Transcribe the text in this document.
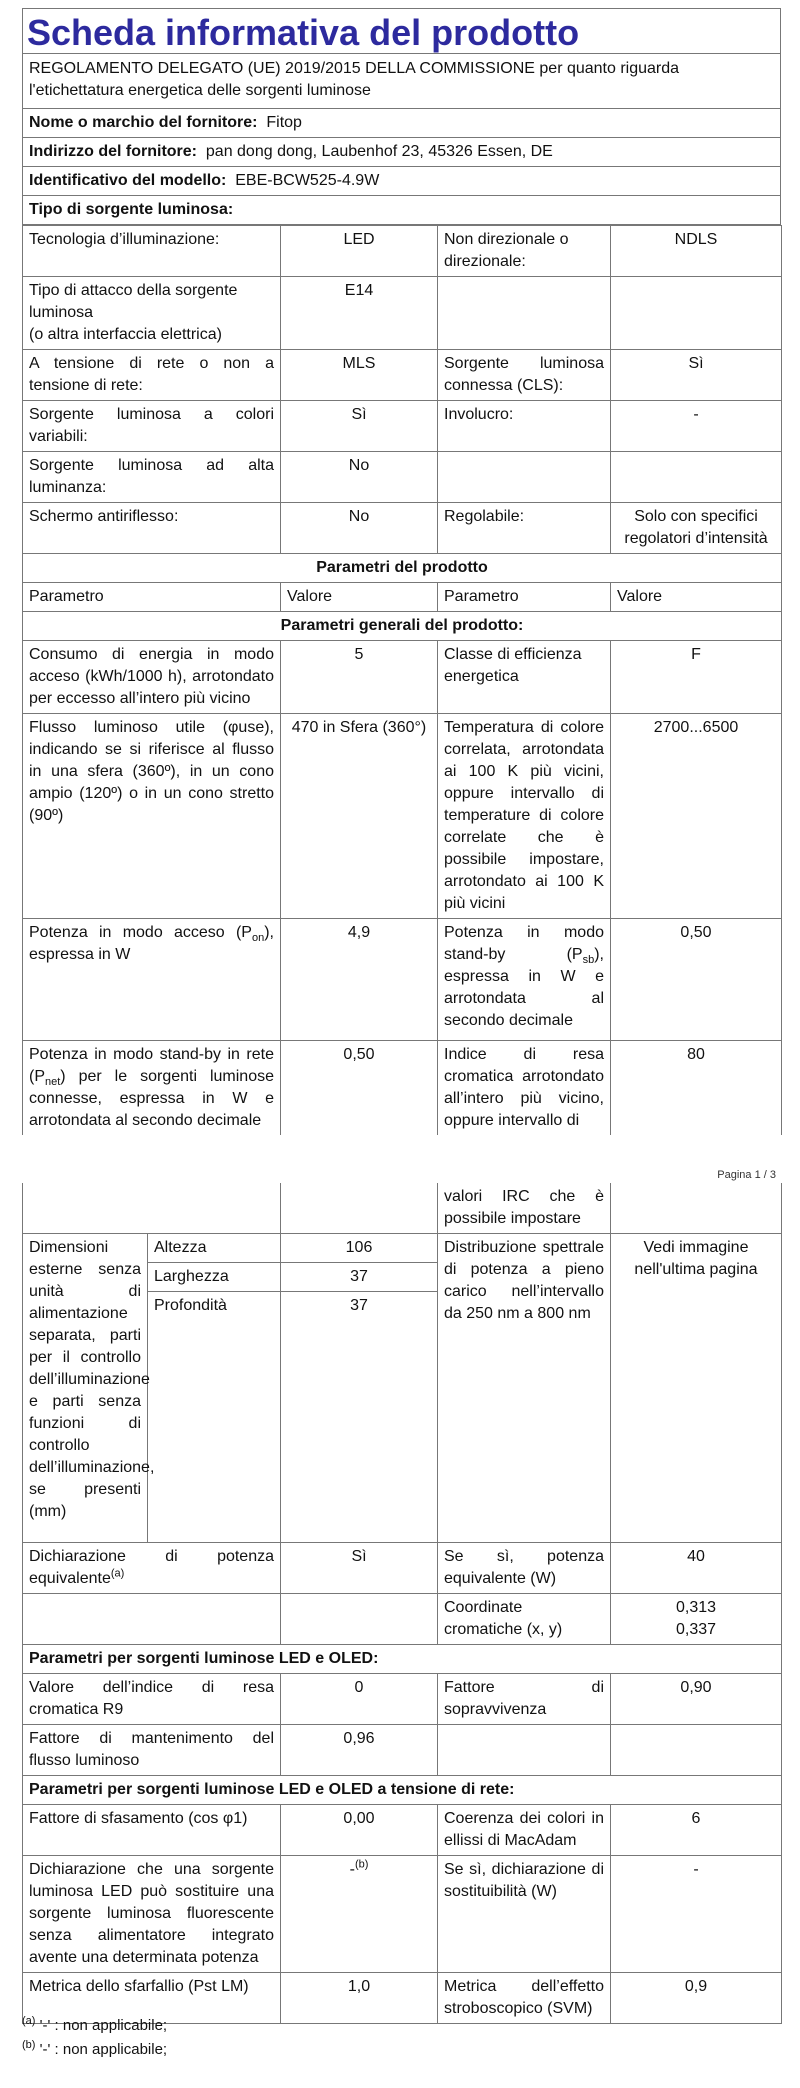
Scheda informativa del prodotto
REGOLAMENTO DELEGATO (UE) 2019/2015 DELLA COMMISSIONE per quanto riguarda l'etichettatura energetica delle sorgenti luminose
Nome o marchio del fornitore: Fitop
Indirizzo del fornitore: pan dong dong, Laubenhof 23, 45326 Essen, DE
Identificativo del modello: EBE-BCW525-4.9W
Tipo di sorgente luminosa:
Tecnologia d’illuminazione:	LED	Non direzionale o direzionale:	NDLS

Tipo di attacco della sorgente luminosa
(o altra interfaccia elettrica)	E14		
A tensione di rete o non a tensione di rete:	MLS	Sorgente luminosa connessa (CLS):	Sì
Sorgente luminosa a colori variabili:	Sì	Involucro:	-
Sorgente luminosa ad alta luminanza:	No		
Schermo antiriflesso:	No	Regolabile:	Solo con specifici regolatori d’intensità
Parametri del prodotto			
Parametro	Valore	Parametro	Valore
Parametri generali del prodotto:			
Consumo di energia in modo acceso (kWh/1000 h), arrotondato per eccesso all’intero più vicino	5	Classe di efficienza energetica	F
Flusso luminoso utile (φuse), indicando se si riferisce al flusso in una sfera (360º), in un cono ampio (120º) o in un cono stretto (90º)	470 in Sfera (360°)	Temperatura di colore correlata, arrotondata ai 100 K più vicini, oppure intervallo di temperature di colore correlate che è possibile impostare, arrotondato ai 100 K più vicini	2700...6500
Potenza in modo acceso $(P_{on})$, espressa in W	4,9	Potenza in modo stand-by $(P_{sb})$, espressa in W e arrotondata al secondo decimale	0,50
Potenza in modo stand-by in rete $(P_{net})$ per le sorgenti luminose connesse, espressa in W e arrotondata al secondo decimale	0,50	Indice di resa cromatica arrotondato all’intero più vicino, oppure intervallo di	80
Pagina 1 / 3
			valori IRC che è possibile impostare	
Dimensioni esterne senza unità di alimentazione separata, parti per il controllo dell’illuminazione e parti senza funzioni di controllo dell’illuminazione, se presenti (mm)	Altezza	106	Distribuzione spettrale di potenza a pieno carico nell’intervallo da 250 nm a 800 nm	Vedi immagine nell'ultima pagina
	Larghezza	37		
	Profondità	37		

Dichiarazione di potenza equivalente$^{(a)}$		Sì	Se sì, potenza equivalente (W)	40
			Coordinate cromatiche (x, y)	0,313
0,337

Parametri per sorgenti luminose LED e OLED:				
Valore dell’indice di resa cromatica R9		0	Fattore di sopravvivenza	0,90
Fattore di mantenimento del flusso luminoso		0,96		
Parametri per sorgenti luminose LED e OLED a tensione di rete:				
Fattore di sfasamento (cos φ1)		0,00	Coerenza dei colori in ellissi di MacAdam	6
Dichiarazione che una sorgente luminosa LED può sostituire una sorgente luminosa fluorescente senza alimentatore integrato avente una determinata potenza		-$^{(b)}$	Se sì, dichiarazione di sostituibilità (W)	-
Metrica dello sfarfallio (Pst LM)		1,0	Metrica dell’effetto stroboscopico (SVM)	0,9
$^{(a)}$ '-' : non applicabile;
$^{(b)}$ '-' : non applicabile;
